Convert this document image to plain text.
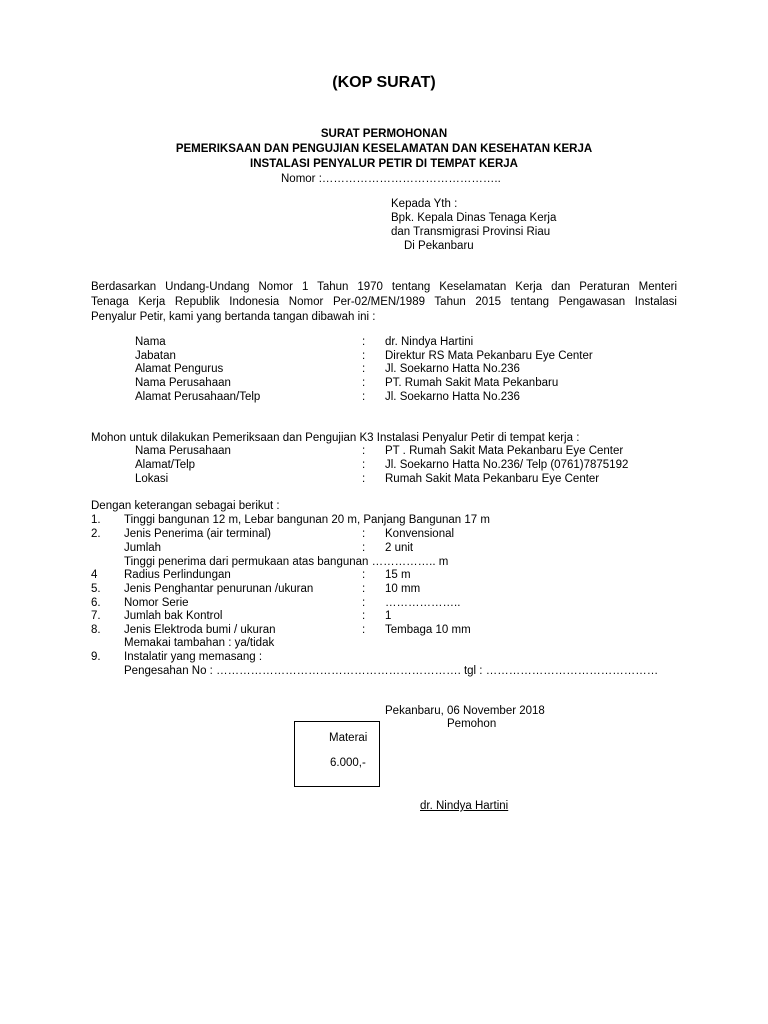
(KOP SURAT)
SURAT PERMOHONAN
PEMERIKSAAN DAN PENGUJIAN KESELAMATAN DAN KESEHATAN KERJA
INSTALASI PENYALUR PETIR DI TEMPAT KERJA
Nomor :………………………………………..
Kepada Yth :
Bpk. Kepala Dinas Tenaga Kerja
dan Transmigrasi Provinsi Riau
Di Pekanbaru
Berdasarkan Undang-Undang Nomor 1 Tahun 1970 tentang Keselamatan Kerja dan Peraturan Menteri
Tenaga Kerja Republik Indonesia Nomor Per-02/MEN/1989 Tahun 2015 tentang Pengawasan Instalasi
Penyalur Petir, kami yang bertanda tangan dibawah ini :
Nama	: dr. Nindya Hartini
Jabatan	: Direktur RS Mata Pekanbaru Eye Center
Alamat Pengurus	: Jl. Soekarno Hatta No.236
Nama Perusahaan	: PT. Rumah Sakit Mata Pekanbaru
Alamat Perusahaan/Telp	: Jl. Soekarno Hatta No.236
Mohon untuk dilakukan Pemeriksaan dan Pengujian K3 Instalasi Penyalur Petir di tempat kerja :
Nama Perusahaan	: PT . Rumah Sakit Mata Pekanbaru Eye Center
Alamat/Telp	: Jl. Soekarno Hatta No.236/ Telp (0761)7875192
Lokasi	: Rumah Sakit Mata Pekanbaru Eye Center
Dengan keterangan sebagai berikut :
1. Tinggi bangunan 12 m, Lebar bangunan 20 m, Panjang Bangunan 17 m
2. Jenis Penerima (air terminal)	: Konvensional
Jumlah	: 2 unit
Tinggi penerima dari permukaan atas bangunan …………….. m
4 Radius Perlindungan	: 15 m
5. Jenis Penghantar penurunan /ukuran	: 10 mm
6. Nomor Serie	: ………………..
7. Jumlah bak Kontrol	: 1
8. Jenis Elektroda bumi / ukuran	: Tembaga 10 mm
Memakai tambahan : ya/tidak
9. Instalatir yang memasang :
Pengesahan No : ………………………………………………………. tgl : ………………………………………
Pekanbaru, 06 November 2018
Pemohon
Materai
6.000,-
dr. Nindya Hartini
